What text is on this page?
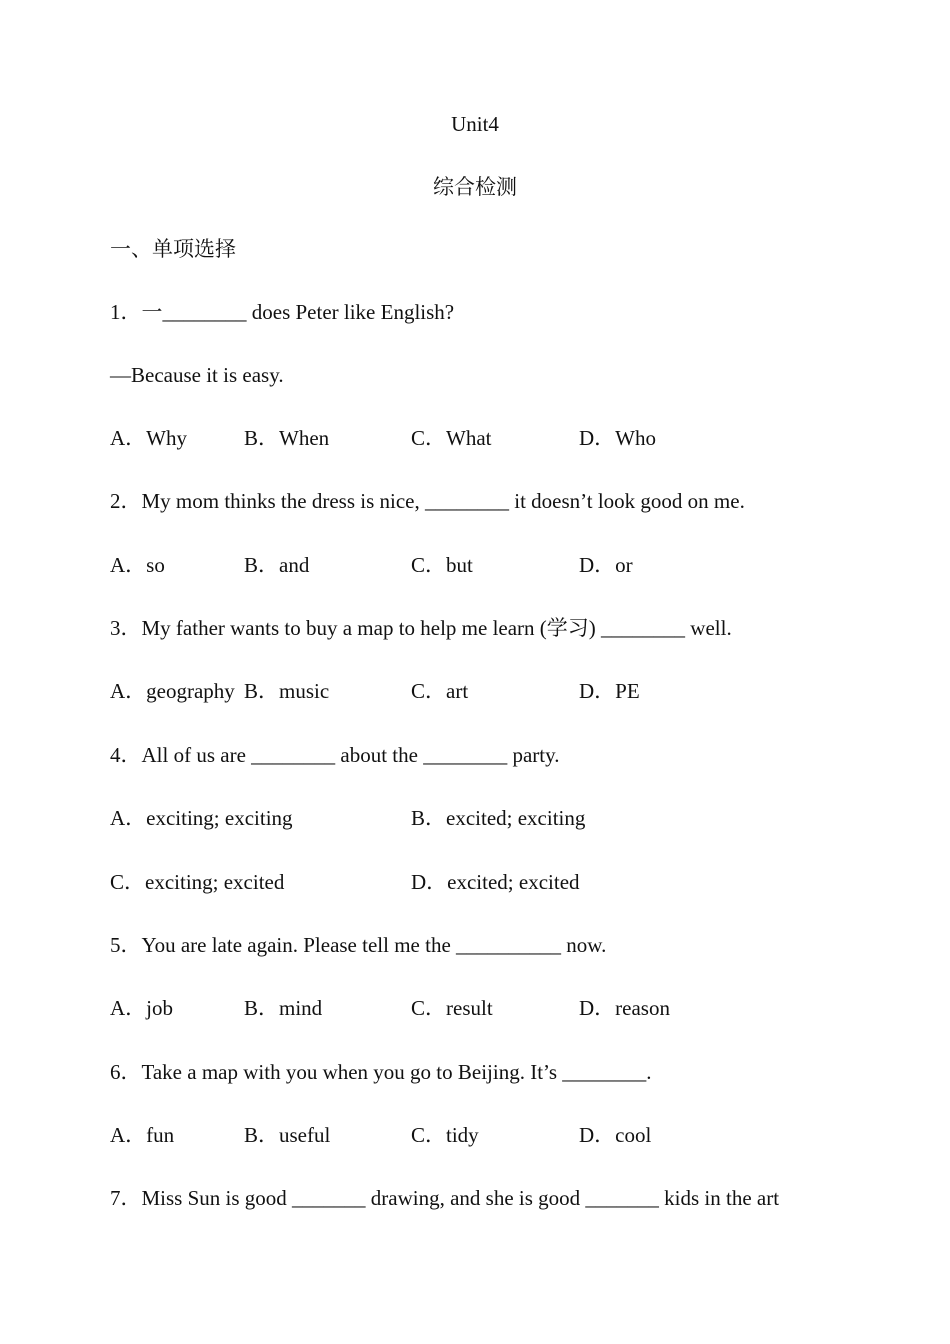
Unit4
综合检测
一、单项选择
1．一________ does Peter like English?
—Because it is easy.
A．Why	B．When	C．What	D．Who
2．My mom thinks the dress is nice, ________ it doesn’t look good on me.
A．so	B．and	C．but	D．or
3．My father wants to buy a map to help me learn (学习) ________ well.
A．geography B．music	C．art	D．PE
4．All of us are ________ about the ________ party.
A．exciting; exciting	B．excited; exciting
C．exciting; excited	D．excited; excited
5．You are late again. Please tell me the __________ now.
A．job	B．mind	C．result	D．reason
6．Take a map with you when you go to Beijing. It’s ________.
A．fun	B．useful	C．tidy	D．cool
7．Miss Sun is good _______ drawing, and she is good _______ kids in the art
